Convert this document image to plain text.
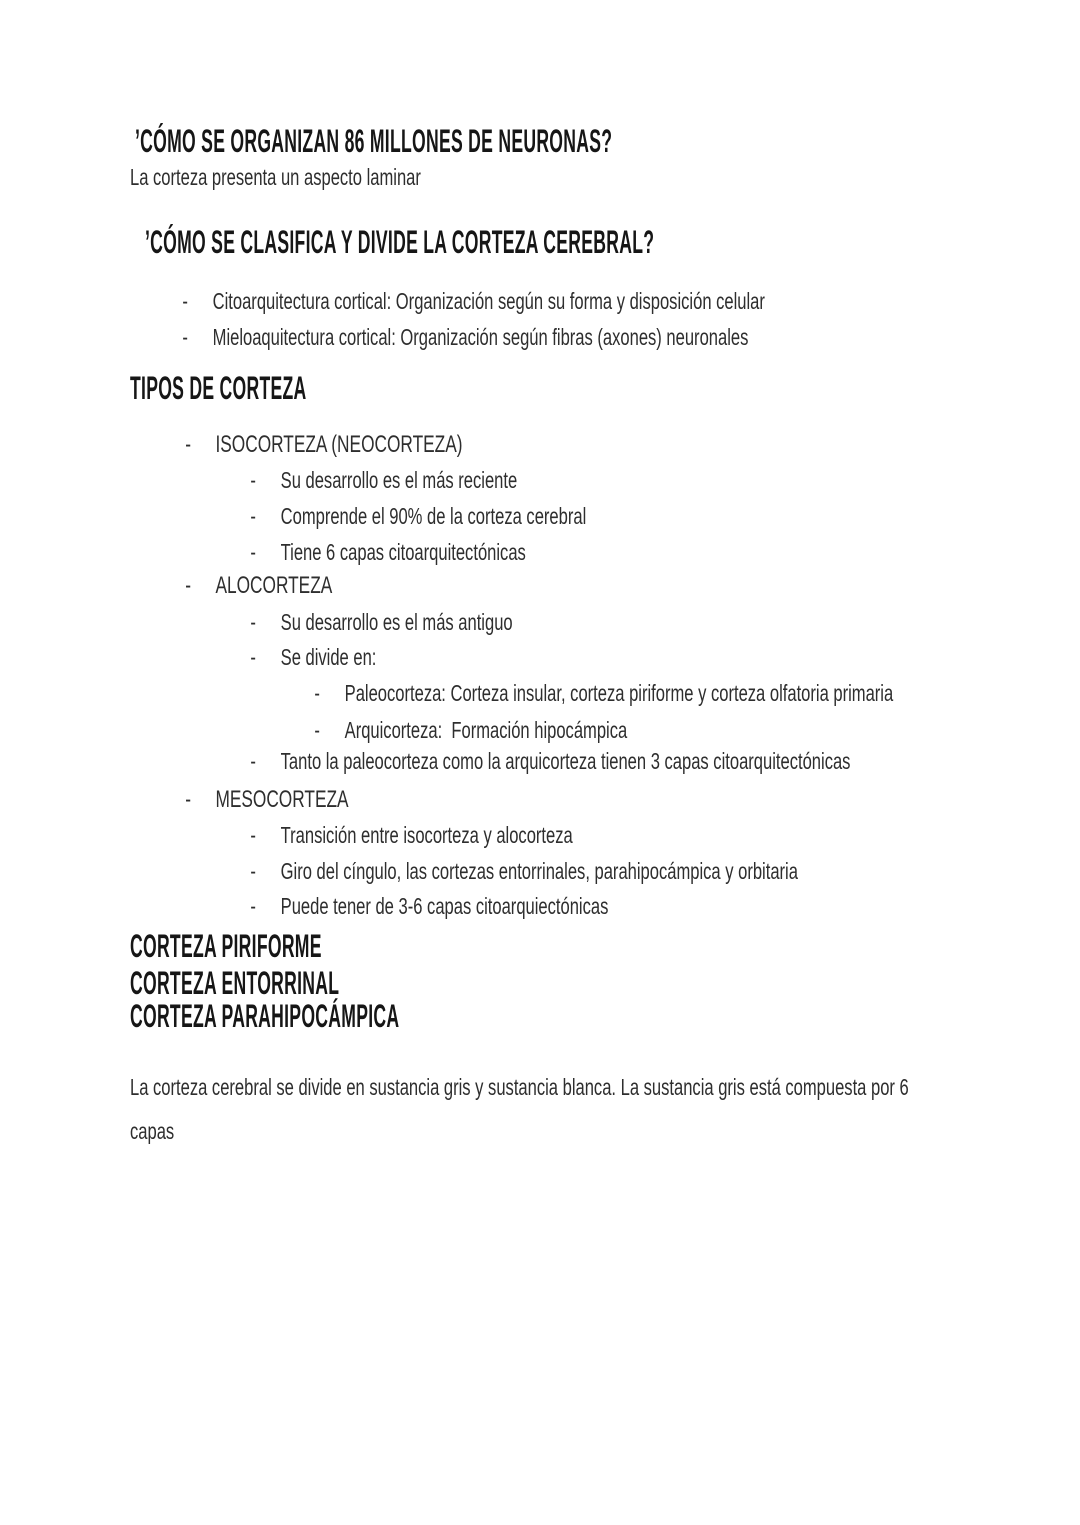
’CÓMO SE ORGANIZAN 86 MILLONES DE NEURONAS?

La corteza presenta un aspecto laminar

’CÓMO SE CLASIFICA Y DIVIDE LA CORTEZA CEREBRAL?

- Citoarquitectura cortical: Organización según su forma y disposición celular

- Mieloaquitectura cortical: Organización según fibras (axones) neuronales

TIPOS DE CORTEZA

- ISOCORTEZA (NEOCORTEZA)

- Su desarrollo es el más reciente

- Comprende el 90% de la corteza cerebral

- Tiene 6 capas citoarquitectónicas

- ALOCORTEZA

- Su desarrollo es el más antiguo

- Se divide en:

- Paleocorteza: Corteza insular, corteza piriforme y corteza olfatoria primaria

- Arquicorteza:  Formación hipocámpica

- Tanto la paleocorteza como la arquicorteza tienen 3 capas citoarquitectónicas

- MESOCORTEZA

- Transición entre isocorteza y alocorteza

- Giro del cíngulo, las cortezas entorrinales, parahipocámpica y orbitaria

- Puede tener de 3-6 capas citoarquiectónicas

CORTEZA PIRIFORME
CORTEZA ENTORRINAL
CORTEZA PARAHIPOCÁMPICA

La corteza cerebral se divide en sustancia gris y sustancia blanca. La sustancia gris está compuesta por 6

capas
